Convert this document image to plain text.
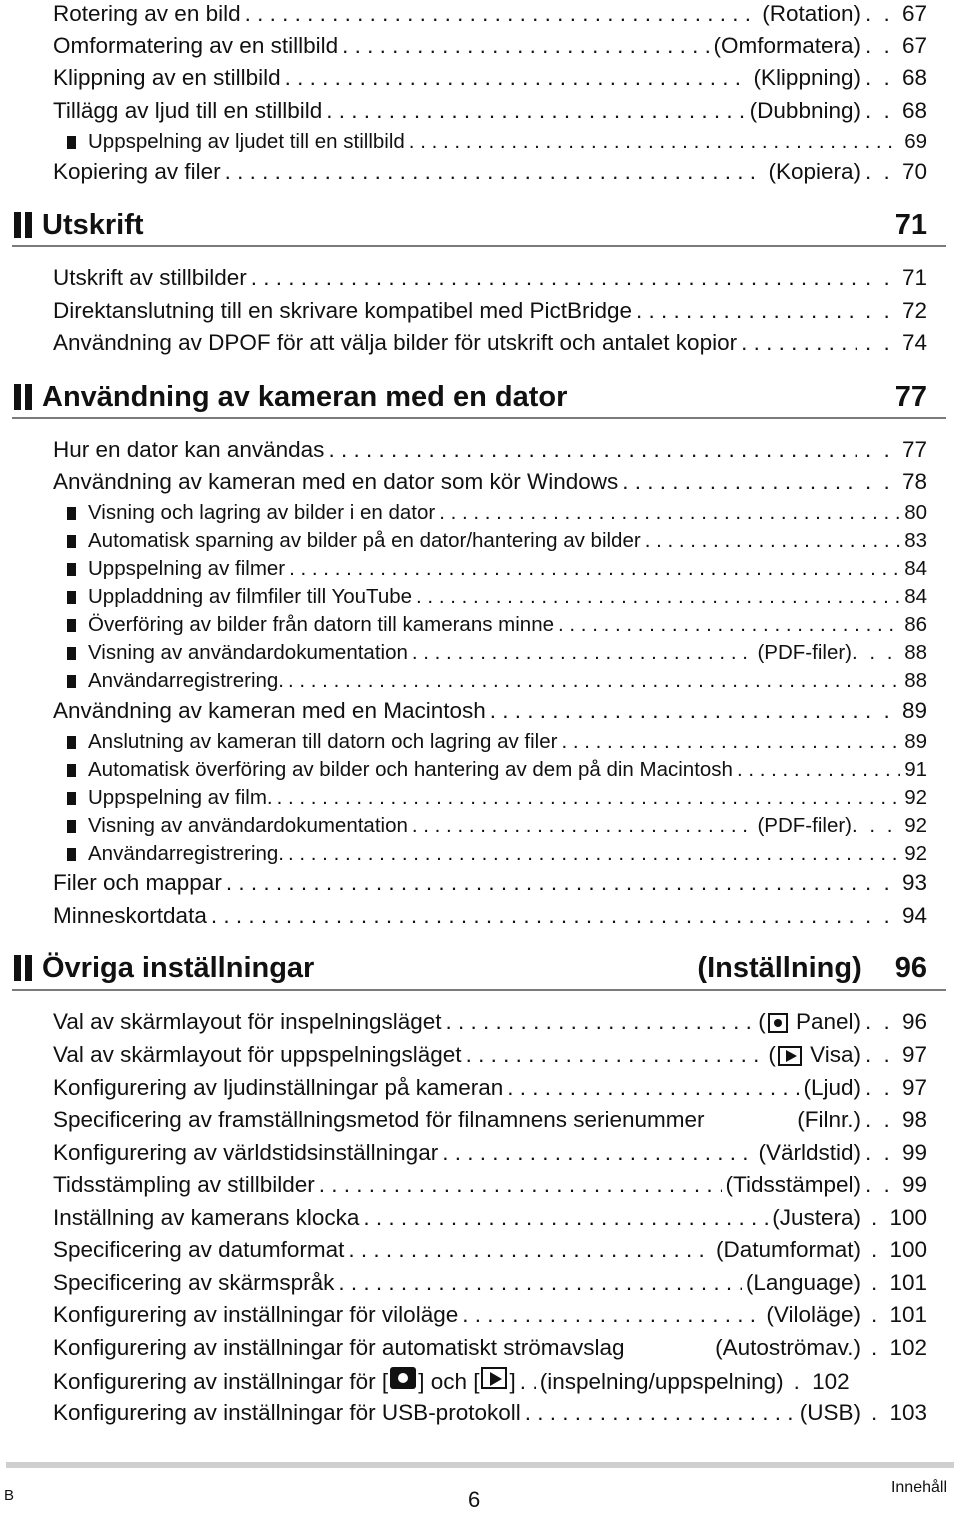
Rotering av en bild . . .	(Rotation) . . 67
Omformatering av en stillbild . . .	(Omformatera) . . 67
Klippning av en stillbild . . .	(Klippning) . . 68
Tillägg av ljud till en stillbild . . .	(Dubbning) . . 68
Uppspelning av ljudet till en stillbild . . .	69
Kopiering av filer . . .	(Kopiera) . . 70
Utskrift	71
Utskrift av stillbilder . . .	. . 71
Direktanslutning till en skrivare kompatibel med PictBridge . . .	. . 72
Användning av DPOF för att välja bilder för utskrift och antalet kopior . . .	. . 74
Användning av kameran med en dator	77
Hur en dator kan användas . . .	. . 77
Användning av kameran med en dator som kör Windows . . .	. . 78
Visning och lagring av bilder i en dator . . .	80
Automatisk sparning av bilder på en dator/hantering av bilder . . .	83
Uppspelning av filmer . . .	84
Uppladdning av filmfiler till YouTube . . .	84
Överföring av bilder från datorn till kamerans minne . . .	86
Visning av användardokumentation . . .	(PDF-filer) . . . 88
Användarregistrering. . . .	88
Användning av kameran med en Macintosh . . .	. . 89
Anslutning av kameran till datorn och lagring av filer . . .	89
Automatisk överföring av bilder och hantering av dem på din Macintosh . . .	91
Uppspelning av film. . . .	92
Visning av användardokumentation . . .	(PDF-filer) . . . 92
Användarregistrering. . . .	92
Filer och mappar . . .	. . 93
Minneskortdata . . .	. . 94
Övriga inställningar	(Inställning) 96
Val av skärmlayout för inspelningsläget . . .	( Panel) . . 96
Val av skärmlayout för uppspelningsläget . . .	( Visa) . . 97
Konfigurering av ljudinställningar på kameran . . .	(Ljud) . . 97
Specificering av framställningsmetod för filnamnens serienummer	(Filnr.) . . 98
Konfigurering av världstidsinställningar . . .	(Världstid) . . 99
Tidsstämpling av stillbilder . . .	(Tidsstämpel) . . 99
Inställning av kamerans klocka . . .	(Justera) . 100
Specificering av datumformat . . .	(Datumformat) . 100
Specificering av skärmspråk . . .	(Language) . 101
Konfigurering av inställningar för viloläge . . .	(Viloläge) . 101
Konfigurering av inställningar för automatiskt strömavslag	(Autoströmav.) . 102
Konfigurering av inställningar för [ ] och [ ] . . . (inspelning/uppspelning) . 102
Konfigurering av inställningar för USB-protokoll . . .	(USB) . 103
B	6	Innehåll
